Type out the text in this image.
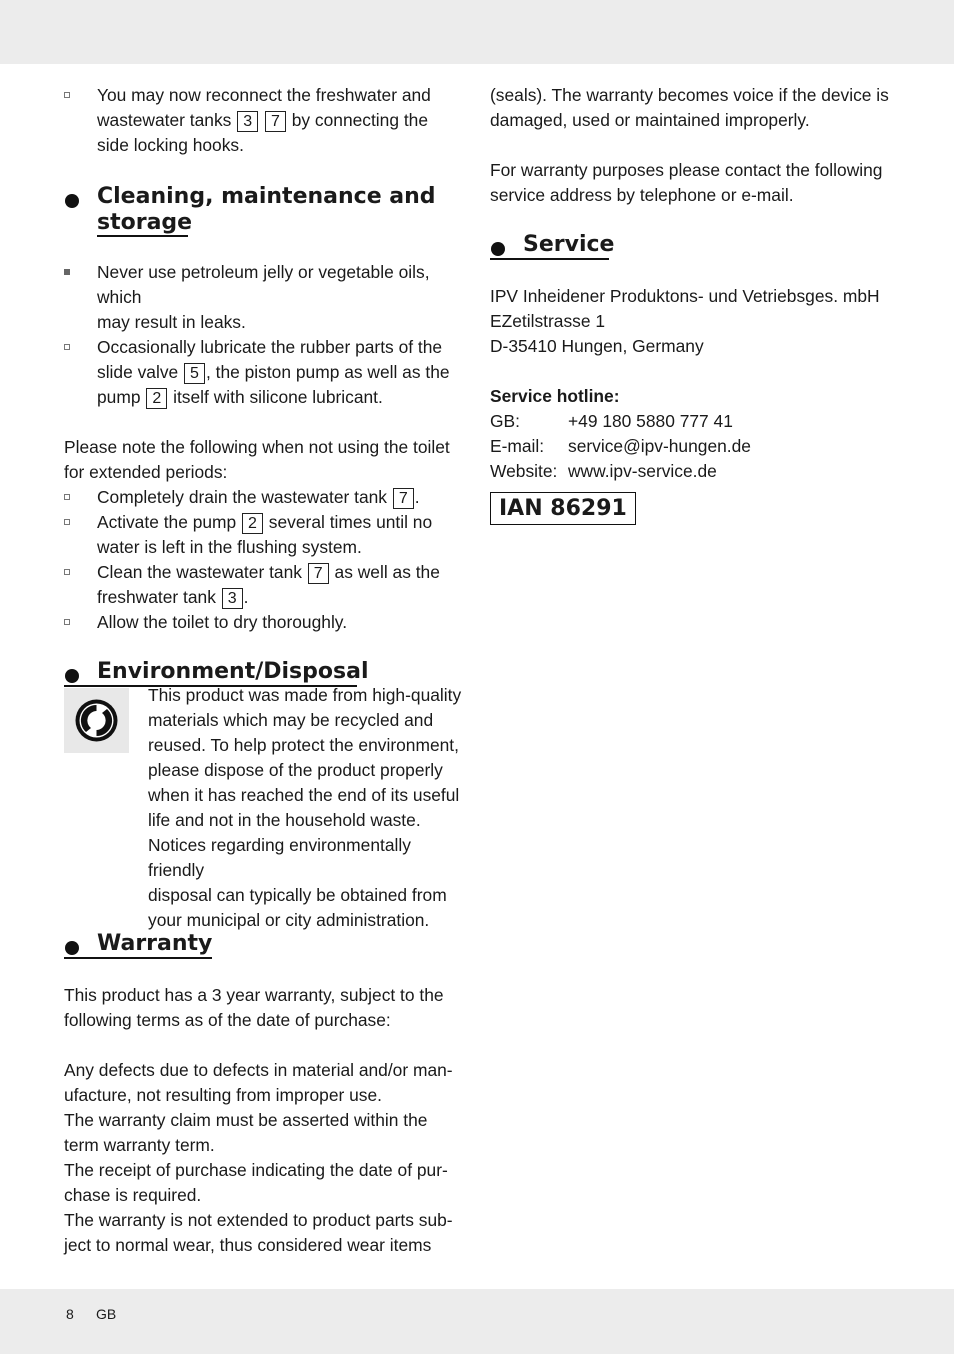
You may now reconnect the freshwater and
wastewater tanks 3 7 by connecting the
side locking hooks.
Cleaning, maintenance and
storage
Never use petroleum jelly or vegetable oils, which
may result in leaks.
Occasionally lubricate the rubber parts of the
slide valve 5 , the piston pump as well as the
pump 2 itself with silicone lubricant.

Please note the following when not using the toilet

for extended periods:

Completely drain the wastewater tank 7 .
Activate the pump 2 several times until no
water is left in the flushing system.
Clean the wastewater tank 7 as well as the
freshwater tank 3 .
Allow the toilet to dry thoroughly.
Environment/Disposal

This product was made from high-quality

materials which may be recycled and

reused. To help protect the environment,

please dispose of the product properly

when it has reached the end of its useful

life and not in the household waste.

Notices regarding environmentally friendly

disposal can typically be obtained from

your municipal or city administration.

Warranty

This product has a 3 year warranty, subject to the

following terms as of the date of purchase:

Any defects due to defects in material and/or man-

ufacture, not resulting from improper use.

The warranty claim must be asserted within the

term warranty term.

The receipt of purchase indicating the date of pur-

chase is required.

The warranty is not extended to product parts sub-

ject to normal wear, thus considered wear items

(seals). The warranty becomes voice if the device is

damaged, used or maintained improperly.

For warranty purposes please contact the following

service address by telephone or e-mail.

Service

IPV Inheidener Produktons- und Vetriebsges. mbH

EZetilstrasse 1

D-35410 Hungen, Germany

Service hotline:

GB:	+49 180 5880 777 41
E-mail:	service@ipv-hungen.de
Website: www.ipv-service.de
IAN 86291
8 GB
